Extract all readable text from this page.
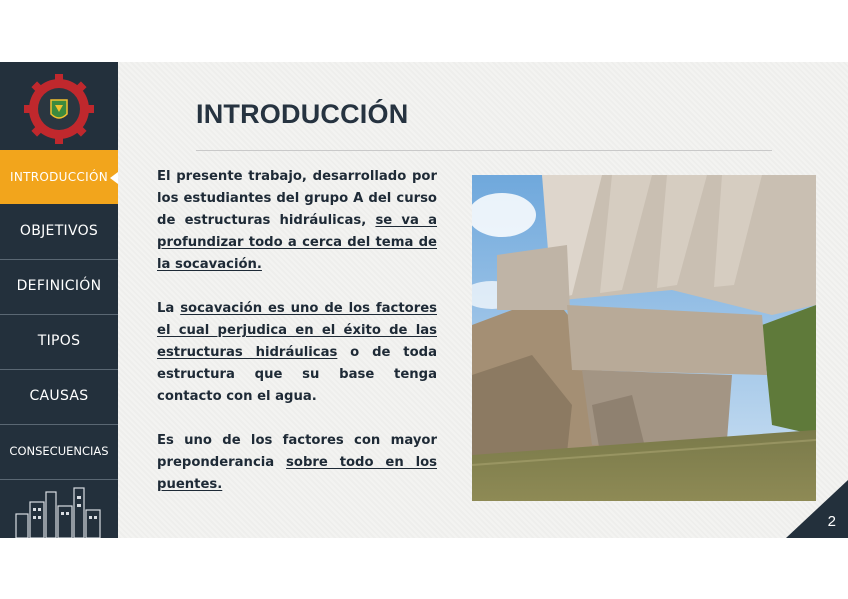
INTRODUCCIÓN
OBJETIVOS
DEFINICIÓN
TIPOS
CAUSAS
CONSECUENCIAS
INTRODUCCIÓN

El presente trabajo, desarrollado por los estudiantes del grupo A del curso de estructuras hidráulicas, se va a profundizar todo a cerca del tema de la socavación.

La socavación es uno de los factores el cual perjudica en el éxito de las estructuras hidráulicas o de toda estructura que su base tenga contacto con el agua.

Es uno de los factores con mayor preponderancia sobre todo en los puentes.

2
